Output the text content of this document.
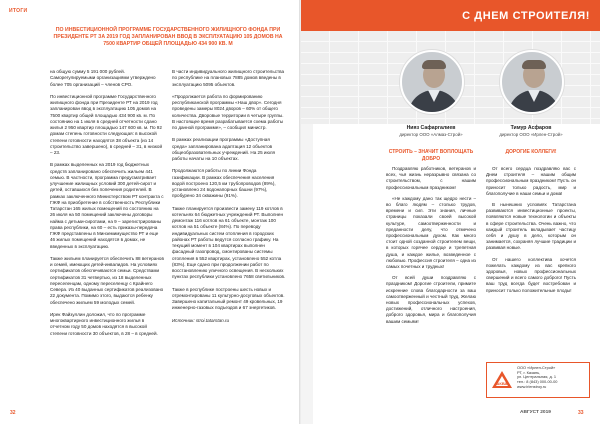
ИТОГИ
ПО ИНВЕСТИЦИОННОЙ ПРОГРАММЕ ГОСУДАРСТВЕННОГО ЖИЛИЩНОГО ФОНДА ПРИ ПРЕЗИДЕНТЕ РТ ЗА 2019 ГОД ЗАПЛАНИРОВАН ВВОД В ЭКСПЛУАТАЦИЮ 105 ДОМОВ НА 7500 КВАРТИР ОБЩЕЙ ПЛОЩАДЬЮ 434 900 КВ. М

на общую сумму 5 191 000 рублей. Саморегулируемыми организациями утверждено более 705 организаций – членов СРО.

По инвестиционной программе Государственного жилищного фонда при Президенте РТ на 2019 год запланирован ввод в эксплуатацию 105 домов на 7500 квартир общей площадью 434 900 кв. м. По состоянию на 1 июля в средней отчетности сдано жилья 2 950 квартир площадью 147 600 кв. м. По 92 домам степень готовности следующая: в высокой степени готовности находятся 38 объекта (из 14 строительство завершено), в средней – 31, в низкой – 23.

В рамках выделенных на 2019 год бюджетных средств запланировано обеспечить жильем 441 семью. В частности, программа предусматривает улучшение жилищных условий 300 детей-сирот и детей, оставшихся без попечения родителей. В рамках заключенного Министерством РТ контракта с ГЖФ на приобретение в собственность Республики Татарстан 165 жилых помещений по состоянию на 26 июля на 50 помещений заключены договоры найма с детьми-сиротами, на 9 – зарегистрированы права республики, на 60 – есть приказы-передача ГЖФ представлены в Минземимущество РТ и еще 46 жилых помещений находятся в домах, не введенных в эксплуатацию.

Также жильем планируется обеспечить 88 ветеранов и семей, имеющих детей-инвалидов. На условиях сертификатов обеспечиваются семьи. Средствами сертификатов 31 четвертью, из 18 выделенных переселенцам, одному переселенцу с Крайнего Севера. Из 40 выданных сертификатов реализовано 22 документа. Помимо этого, выдаются ребенку обеспечено жильем 59 молодых семей.

Ирек Файзуллин доложил, что по программе многоквартирного инвестиционного жилья в отчетном году 50 домов находятся в высокой степени готовности 30 объектов, в 28 – в средней.

В части индивидуального жилищного строительства по республике на плановых 7885 домов введены в эксплуатацию 5095 объектов.

«Продолжается работа по формированию республиканской программы «Наш двор». Сегодня проведены замеры 8024 дворов – 60% от общего количества. Дворовые территории в четыре группы. В настоящее время разрабатывается схема работы по данной программе», – сообщил министр.

В рамках реализации программы «Доступная среда» запланирована адаптация 12 объектов общеобразовательных учреждений. На 25 июля работы начаты на 10 объектах.

Продолжаются работы по линии Фонда газификации. В рамках обеспечения населения водой построено 120,5 км трубопроводов (89%), установлено 24 водонапорных башни (97%), пробурено 34 скважины (91%).

Также планируется произвести замену 119 котлов в котельнях 64 бюджетных учреждений РТ. Выполнен демонтаж 116 котлов на 61 объекте, монтаж 100 котлов на 51 объекте (84%). По переводу индивидуальных систем отопления в городских районах РТ работы ведутся согласно графику. На текущий момент в 104 квартирах выполнен фасадный газопровод, смонтированы системы отопления в 552 квартирах, установлено 552 котла (83%). Еще сдано при продолжении работ по восстановлению уличного освещения. В нескольких пунктах республики установлено 7658 светильников.

Также в республике построены шесть новых и отремонтированы 11 культурно-досуговых объектов. Завершено капитальный ремонт 49 кровельных, 19 инженерно-газовых подъездов и 67 энергетиков.

Источник: stroi.tatarstan.ru

32
С ДНЕМ СТРОИТЕЛЯ!
Нияз Сафаргалиев
директор ООО «Алмаз-Строй»
Тимур Асфаров
директор ООО «Ирлен-Строй»
СТРОИТЬ – ЗНАЧИТ ВОПЛОЩАТЬ ДОБРО
ДОРОГИЕ КОЛЛЕГИ!

Поздравляю работников, ветеранов и всех, чья жизнь неразрывно связана со строительством, с нашим профессиональным праздником!

«Не каждому дано так щедро нести – во благо людям – столько трудов, времени и сил. Эти знания, личные страницы показали своей высокой культуре, самоотверженности и преданности делу, что отмечено профессиональным духом. Как много стоит одной созданной строителем вещи, в которых горячее сердце и трепетная душа, и каждое жилье, возведенное с любовью. Профессия строителя – одна из самых почетных и трудных!

От всей души поздравляю с праздником! Дорогие строители, примите искренние слова благодарности за ваш самоотверженный и честный труд. Желаю новых профессиональных успехов, достижений, отличного настроения, доброго здоровья, мира и благополучия вашим семьям!

От всего сердца поздравляю вас с Днем строителя – нашим общим профессиональным праздником! Пусть он приносит только радость, мир и благополучие в наши семьи и дома!

В нынешних условиях Татарстана развиваются инвестиционные проекты, появляются новые технологии и объекты в сфере строительства. Очень важно, что каждый строитель вкладывает частицу себя и душу в дело, которым он занимается, сохраняя лучшие традиции и развивая новые.

От нашего коллектива хочется пожелать каждому из вас крепкого здоровья, новых профессиональных свершений и всего самого доброго! Пусть ваш труд всегда будет востребован и приносит только положительные плоды!

АКВА
ООО «Ирлен-Строй»
РТ, г. Казань,
ул. Центральная, д. 1
тел.: 8 (843) 000-00-00
www.irlenstroy.ru
АВГУСТ 2019	33
